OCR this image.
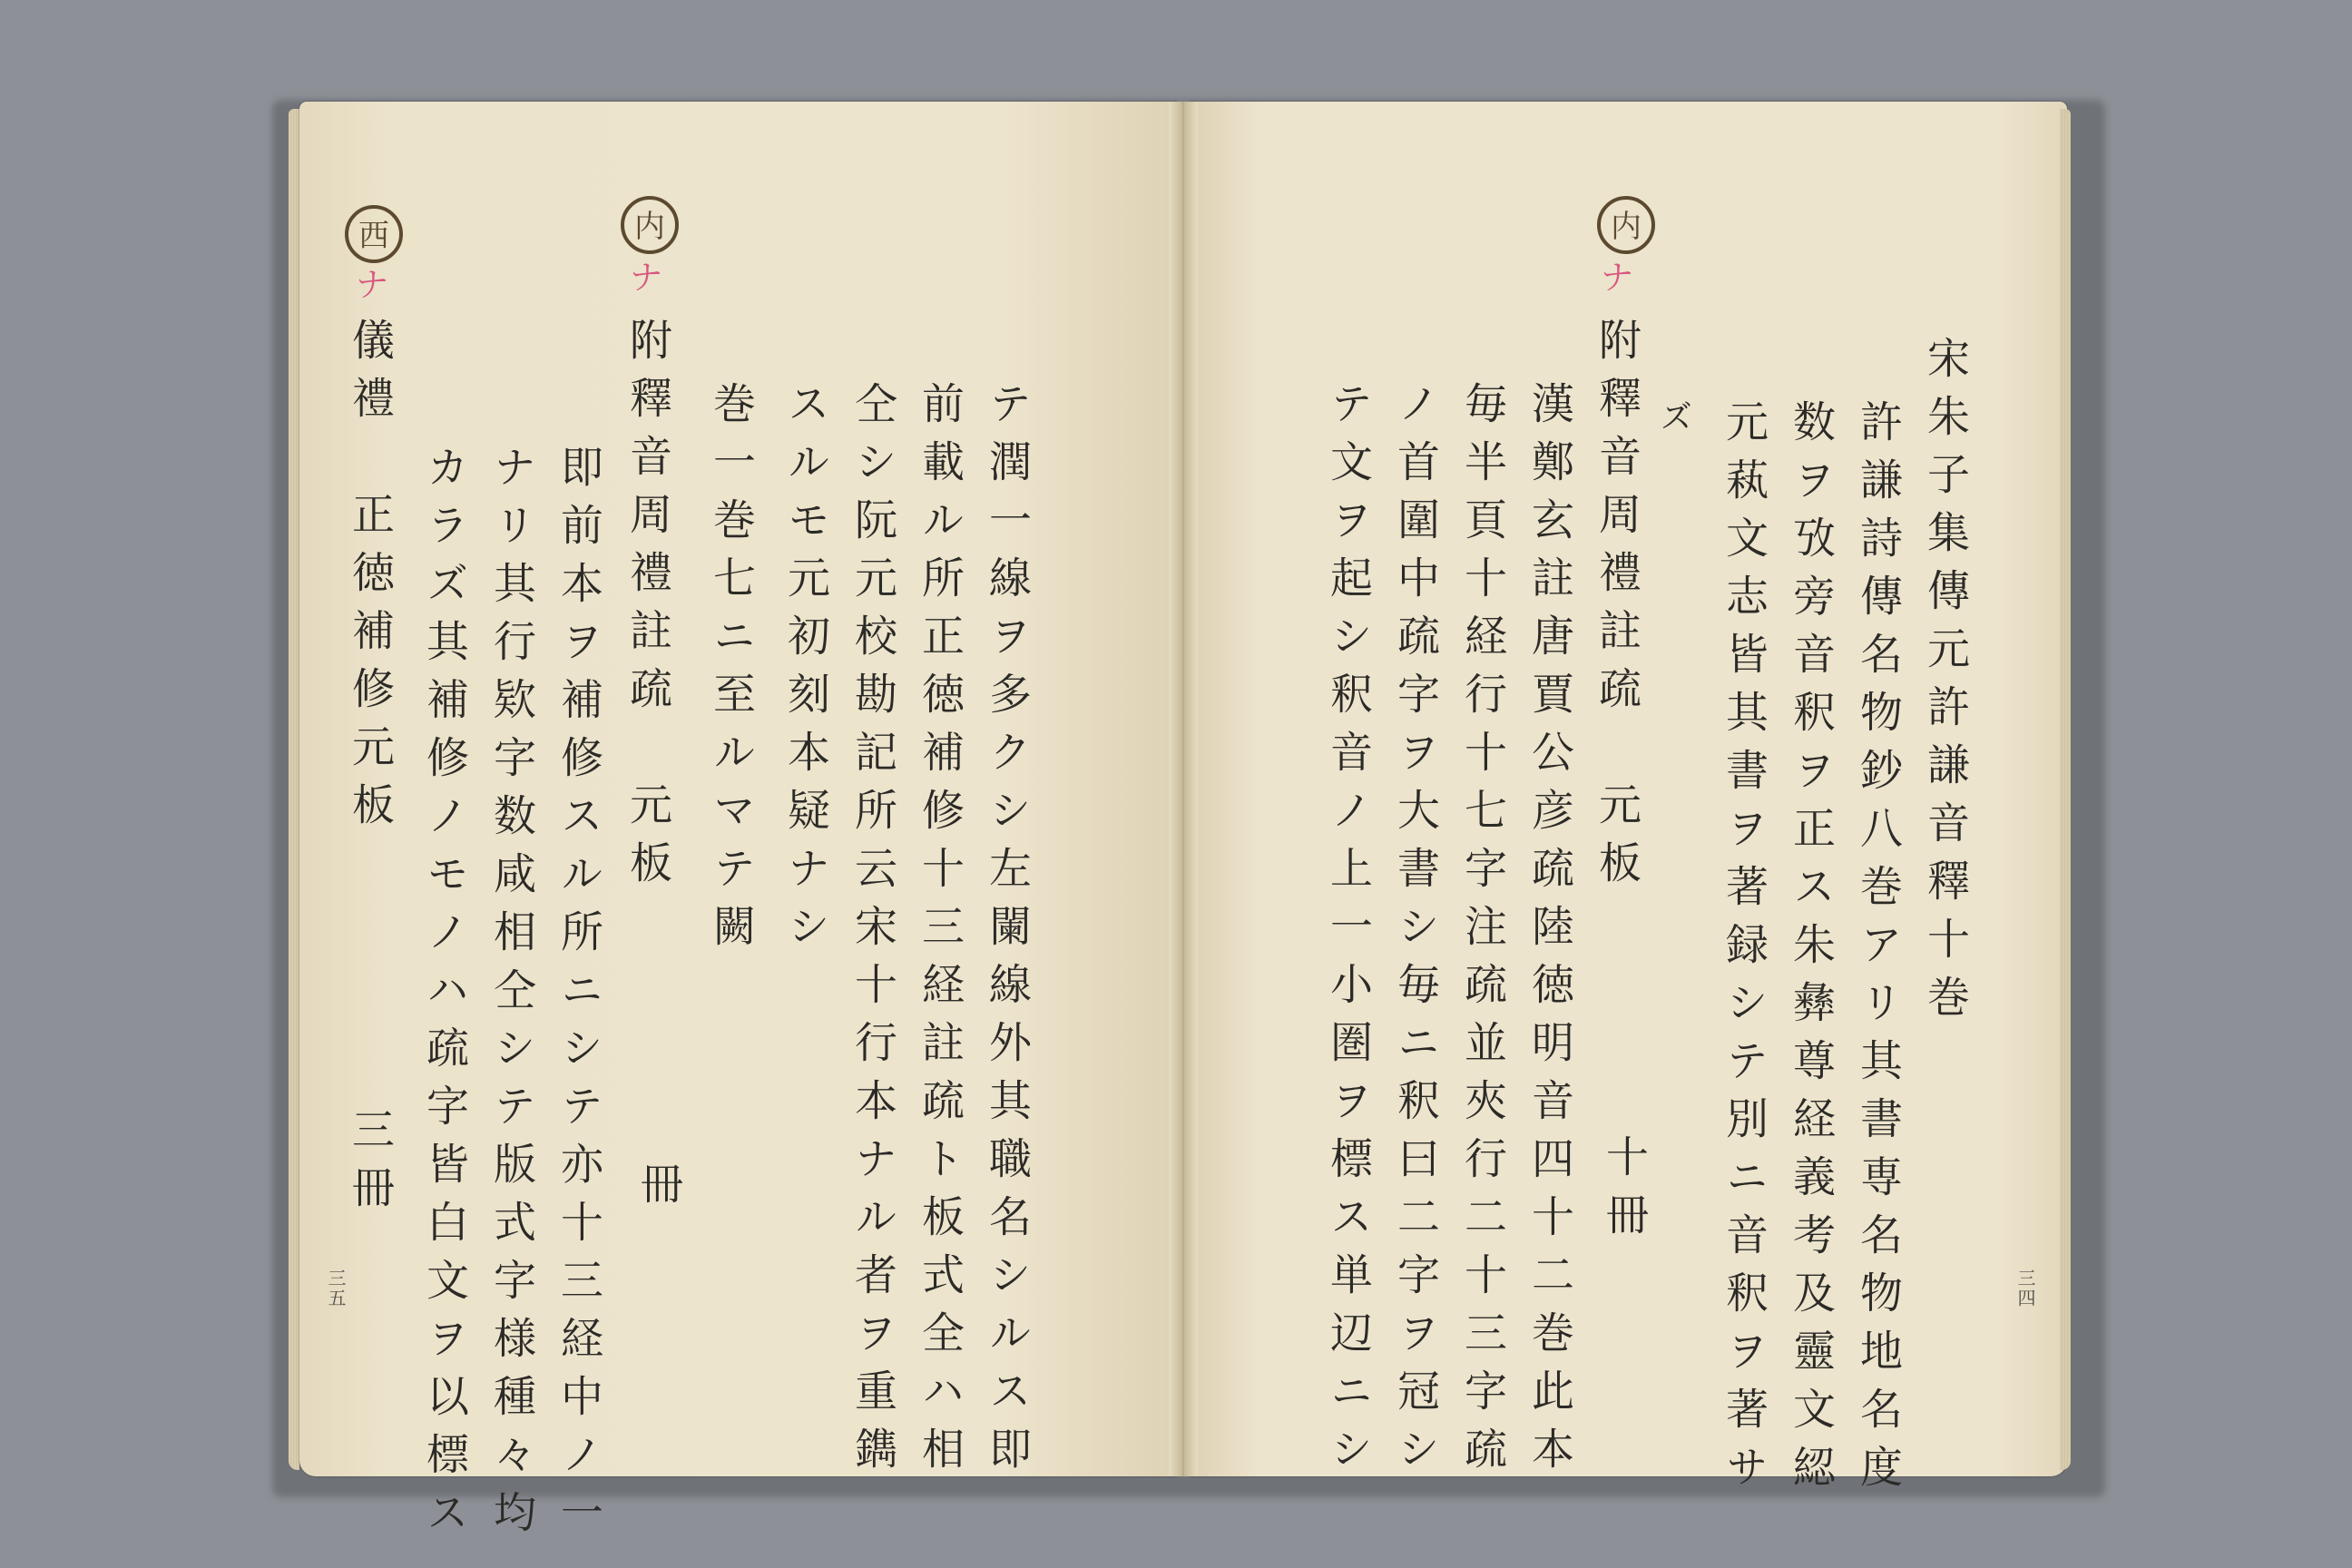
宋朱子集傳元許謙音釋十巻
許謙詩傳名物鈔八巻アリ其書専名物地名度
数ヲ攷旁音釈ヲ正ス朱彝尊経義考及靈文綛
元萟文志皆其書ヲ著録シテ別ニ音釈ヲ著サ
ズ
内
ナ
附釋音周禮註疏　元板
十冊
漢鄭玄註唐賈公彦疏陸徳明音四十二巻此本
毎半頁十経行十七字注疏並夾行二十三字疏
ノ首圍中疏字ヲ大書シ毎ニ釈曰二字ヲ冠シ
テ文ヲ起シ釈音ノ上一小圏ヲ標ス単辺ニシ	三四
テ潤一線ヲ多クシ左闌線外其職名シルス即
前載ル所正徳補修十三経註疏ト板式全ハ相
仝シ阮元校勘記所云宋十行本ナル者ヲ重鐫
スルモ元初刻本疑ナシ
巻一巻七ニ至ルマテ闕
内
ナ
附釋音周禮註疏　元板
冊
即前本ヲ補修スル所ニシテ亦十三経中ノ一
ナリ其行欵字数咸相仝シテ版式字様種々均
カラズ其補修ノモノハ疏字皆白文ヲ以標ス
西
ナ
儀禮　正徳補修元板
三冊
三五
